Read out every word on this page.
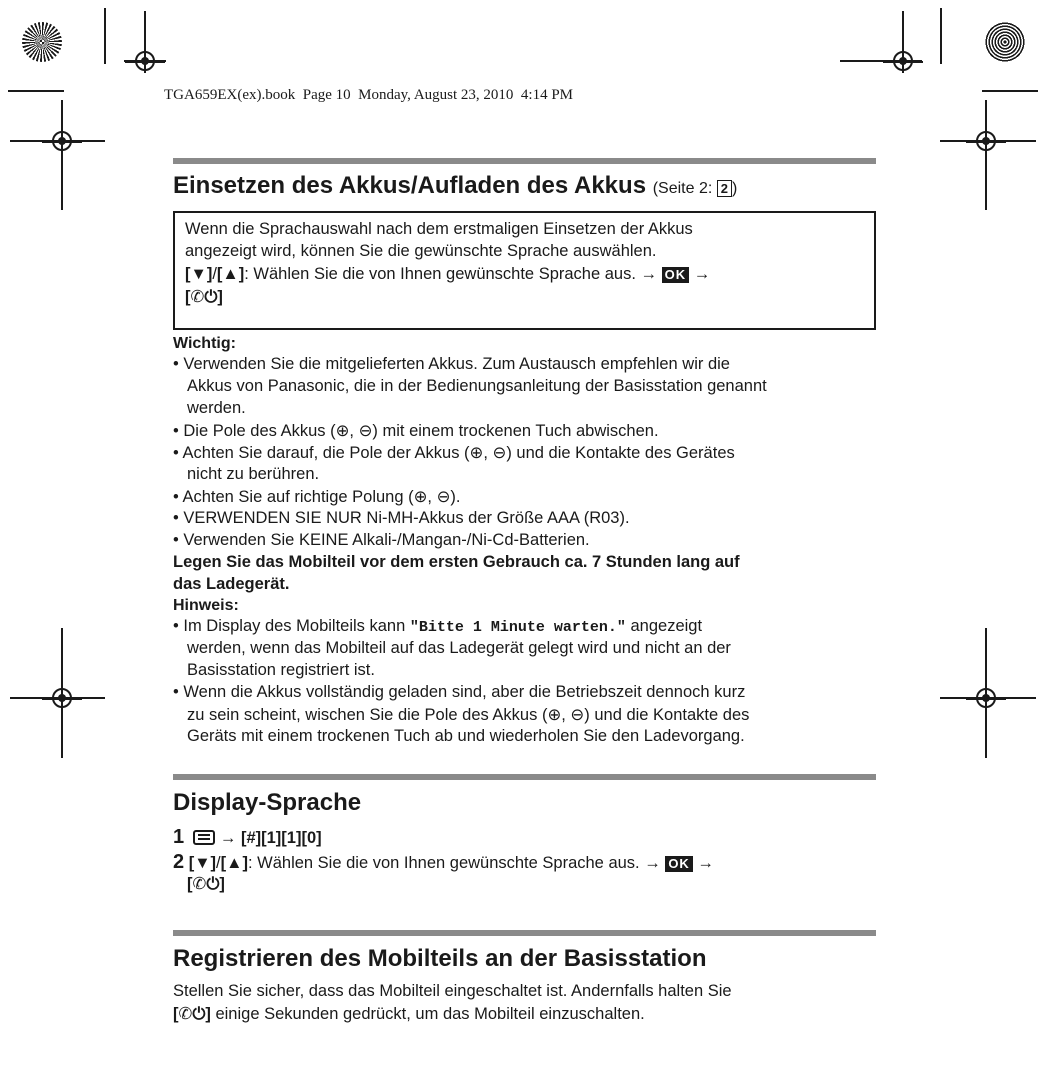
TGA659EX(ex).book  Page 10  Monday, August 23, 2010  4:14 PM
Einsetzen des Akkus/Aufladen des Akkus (Seite 2: 2 )
Wenn die Sprachauswahl nach dem erstmaligen Einsetzen der Akkus
angezeigt wird, können Sie die gewünschte Sprache auswählen.
[▼]/[▲]: Wählen Sie die von Ihnen gewünschte Sprache aus. → OK →
[✆⏻]
Wichtig:
• Verwenden Sie die mitgelieferten Akkus. Zum Austausch empfehlen wir die
Akkus von Panasonic, die in der Bedienungsanleitung der Basisstation genannt
werden.
• Die Pole des Akkus (⊕, ⊖) mit einem trockenen Tuch abwischen.
• Achten Sie darauf, die Pole der Akkus (⊕, ⊖) und die Kontakte des Gerätes
nicht zu berühren.
• Achten Sie auf richtige Polung (⊕, ⊖).
• VERWENDEN SIE NUR Ni-MH-Akkus der Größe AAA (R03).
• Verwenden Sie KEINE Alkali-/Mangan-/Ni-Cd-Batterien.
Legen Sie das Mobilteil vor dem ersten Gebrauch ca. 7 Stunden lang auf
das Ladegerät.
Hinweis:
• Im Display des Mobilteils kann "Bitte 1 Minute warten." angezeigt
werden, wenn das Mobilteil auf das Ladegerät gelegt wird und nicht an der
Basisstation registriert ist.
• Wenn die Akkus vollständig geladen sind, aber die Betriebszeit dennoch kurz
zu sein scheint, wischen Sie die Pole des Akkus (⊕, ⊖) und die Kontakte des
Geräts mit einem trockenen Tuch ab und wiederholen Sie den Ladevorgang.
Display-Sprache
1 → [#][1][1][0]
2 [▼]/[▲]: Wählen Sie die von Ihnen gewünschte Sprache aus. → OK →
[✆⏻]
Registrieren des Mobilteils an der Basisstation
Stellen Sie sicher, dass das Mobilteil eingeschaltet ist. Andernfalls halten Sie
[✆⏻] einige Sekunden gedrückt, um das Mobilteil einzuschalten.
